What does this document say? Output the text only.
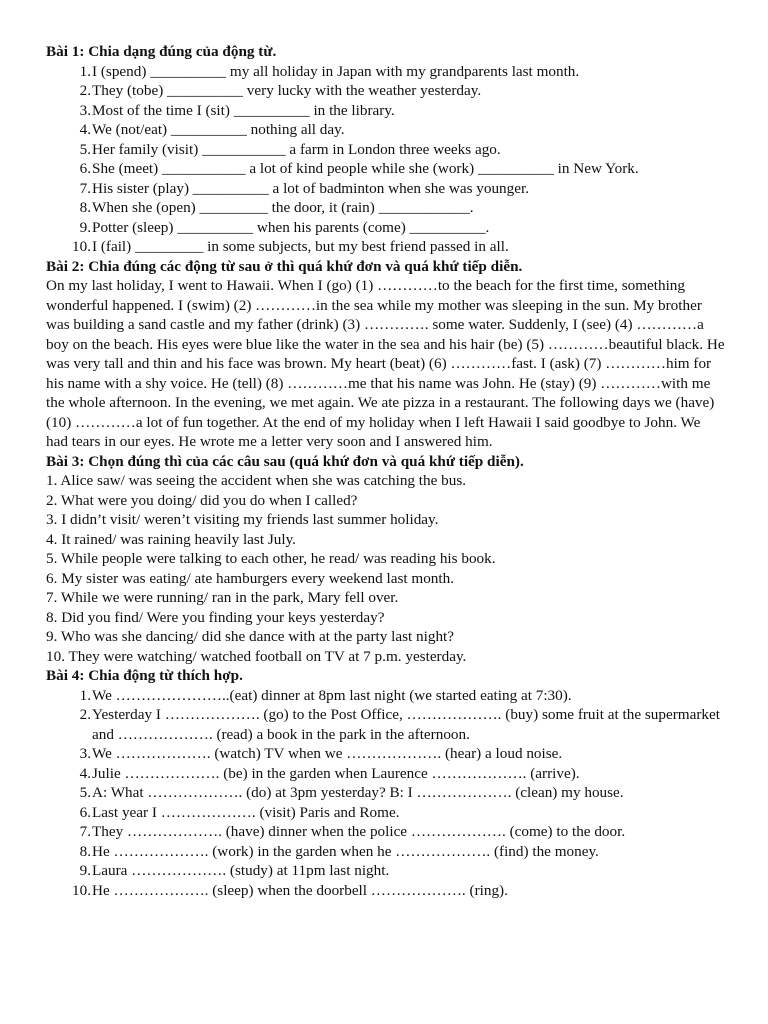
Bài 1: Chia dạng đúng của động từ.
1. I (spend) __________ my all holiday in Japan with my grandparents last month.
2. They (tobe) __________ very lucky with the weather yesterday.
3. Most of the time I (sit) __________ in the library.
4. We (not/eat) __________ nothing all day.
5. Her family (visit) ___________ a farm in London three weeks ago.
6. She (meet) ___________ a lot of kind people while she (work) __________ in New York.
7. His sister (play) __________ a lot of badminton when she was younger.
8. When she (open) _________ the door, it (rain) ____________.
9. Potter (sleep) __________ when his parents (come) __________.
10. I (fail) _________ in some subjects, but my best friend passed in all.
Bài 2: Chia đúng các động từ sau ở thì quá khứ đơn và quá khứ tiếp diễn.

On my last holiday, I went to Hawaii. When I (go) (1) …………to the beach for the first time, something wonderful happened. I (swim) (2) …………in the sea while my mother was sleeping in the sun. My brother was building a sand castle and my father (drink) (3) …………. some water. Suddenly, I (see) (4) …………a boy on the beach. His eyes were blue like the water in the sea and his hair (be) (5) …………beautiful black. He was very tall and thin and his face was brown. My heart (beat) (6) …………fast. I (ask) (7) …………him for his name with a shy voice. He (tell) (8) …………me that his name was John. He (stay) (9) …………with me the whole afternoon. In the evening, we met again. We ate pizza in a restaurant. The following days we (have) (10) …………a lot of fun together. At the end of my holiday when I left Hawaii I said goodbye to John. We had tears in our eyes. He wrote me a letter very soon and I answered him.

Bài 3: Chọn đúng thì của các câu sau (quá khứ đơn và quá khứ tiếp diễn).
1. Alice saw/ was seeing the accident when she was catching the bus.
2. What were you doing/ did you do when I called?
3. I didn’t visit/ weren’t visiting my friends last summer holiday.
4. It rained/ was raining heavily last July.
5. While people were talking to each other, he read/ was reading his book.
6. My sister was eating/ ate hamburgers every weekend last month.
7. While we were running/ ran in the park, Mary fell over.
8. Did you find/ Were you finding your keys yesterday?
9. Who was she dancing/ did she dance with at the party last night?
10. They were watching/ watched football on TV at 7 p.m. yesterday.
Bài 4: Chia động từ thích hợp.
1. We …………………..(eat) dinner at 8pm last night (we started eating at 7:30).
2. Yesterday I ………………. (go) to the Post Office, ………………. (buy) some fruit at the supermarket and ………………. (read) a book in the park in the afternoon.
3. We ………………. (watch) TV when we ………………. (hear) a loud noise.
4. Julie ………………. (be) in the garden when Laurence ………………. (arrive).
5. A: What ………………. (do) at 3pm yesterday? B: I ………………. (clean) my house.
6. Last year I ………………. (visit) Paris and Rome.
7. They ………………. (have) dinner when the police ………………. (come) to the door.
8. He ………………. (work) in the garden when he ………………. (find) the money.
9. Laura ………………. (study) at 11pm last night.
10. He ………………. (sleep) when the doorbell ………………. (ring).
